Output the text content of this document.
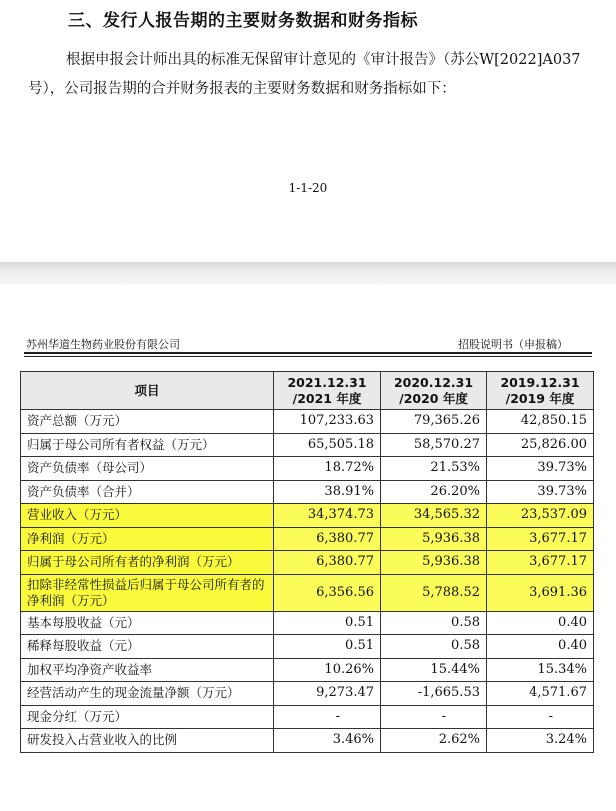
三、发行人报告期的主要财务数据和财务指标
根据申报会计师出具的标准无保留审计意见的《审计报告》（苏公W[2022]A037 号），公司报告期的合并财务报表的主要财务数据和财务指标如下：
1-1-20
苏州华道生物药业股份有限公司	招股说明书（申报稿）
项目	2021.12.31 /2021 年度	2020.12.31 /2020 年度	2019.12.31 /2019 年度
资产总额（万元）	107,233.63	79,365.26	42,850.15
归属于母公司所有者权益（万元）	65,505.18	58,570.27	25,826.00
资产负债率（母公司）	18.72%	21.53%	39.73%
资产负债率（合并）	38.91%	26.20%	39.73%
营业收入（万元）	34,374.73	34,565.32	23,537.09
净利润（万元）	6,380.77	5,936.38	3,677.17
归属于母公司所有者的净利润（万元）	6,380.77	5,936.38	3,677.17
扣除非经常性损益后归属于母公司所有者的净利润（万元）	6,356.56	5,788.52	3,691.36
基本每股收益（元）	0.51	0.58	0.40
稀释每股收益（元）	0.51	0.58	0.40
加权平均净资产收益率	10.26%	15.44%	15.34%
经营活动产生的现金流量净额（万元）	9,273.47	-1,665.53	4,571.67
现金分红（万元）	-	-	-
研发投入占营业收入的比例	3.46%	2.62%	3.24%
